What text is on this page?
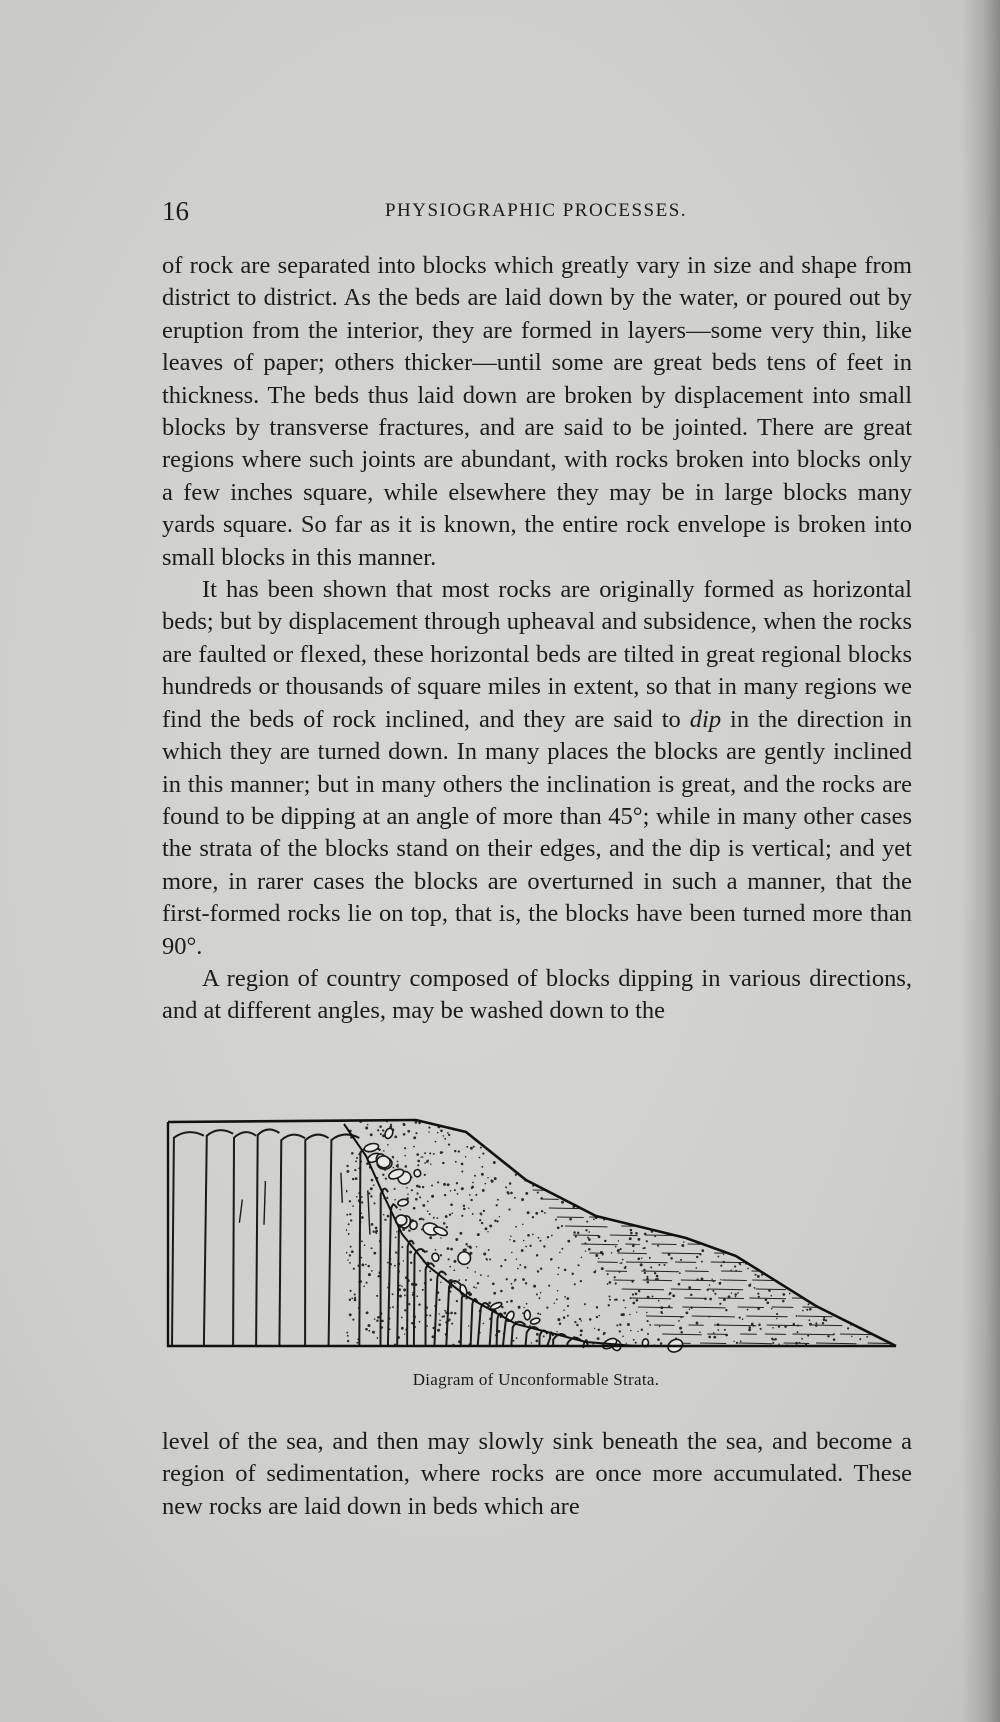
16	PHYSIOGRAPHIC PROCESSES.

of rock are separated into blocks which greatly vary in size and shape from district to district. As the beds are laid down by the water, or poured out by eruption from the interior, they are formed in layers—some very thin, like leaves of paper; others thicker—until some are great beds tens of feet in thickness. The beds thus laid down are broken by displacement into small blocks by transverse fractures, and are said to be jointed. There are great regions where such joints are abundant, with rocks broken into blocks only a few inches square, while elsewhere they may be in large blocks many yards square. So far as it is known, the entire rock envelope is broken into small blocks in this manner.

It has been shown that most rocks are originally formed as horizontal beds; but by displacement through upheaval and subsidence, when the rocks are faulted or flexed, these horizontal beds are tilted in great regional blocks hundreds or thousands of square miles in extent, so that in many regions we find the beds of rock inclined, and they are said to dip in the direction in which they are turned down. In many places the blocks are gently inclined in this manner; but in many others the inclination is great, and the rocks are found to be dipping at an angle of more than 45°; while in many other cases the strata of the blocks stand on their edges, and the dip is vertical; and yet more, in rarer cases the blocks are overturned in such a manner, that the first-formed rocks lie on top, that is, the blocks have been turned more than 90°.

A region of country composed of blocks dipping in various directions, and at different angles, may be washed down to the

Diagram of Unconformable Strata.

level of the sea, and then may slowly sink beneath the sea, and become a region of sedimentation, where rocks are once more accumulated. These new rocks are laid down in beds which are
